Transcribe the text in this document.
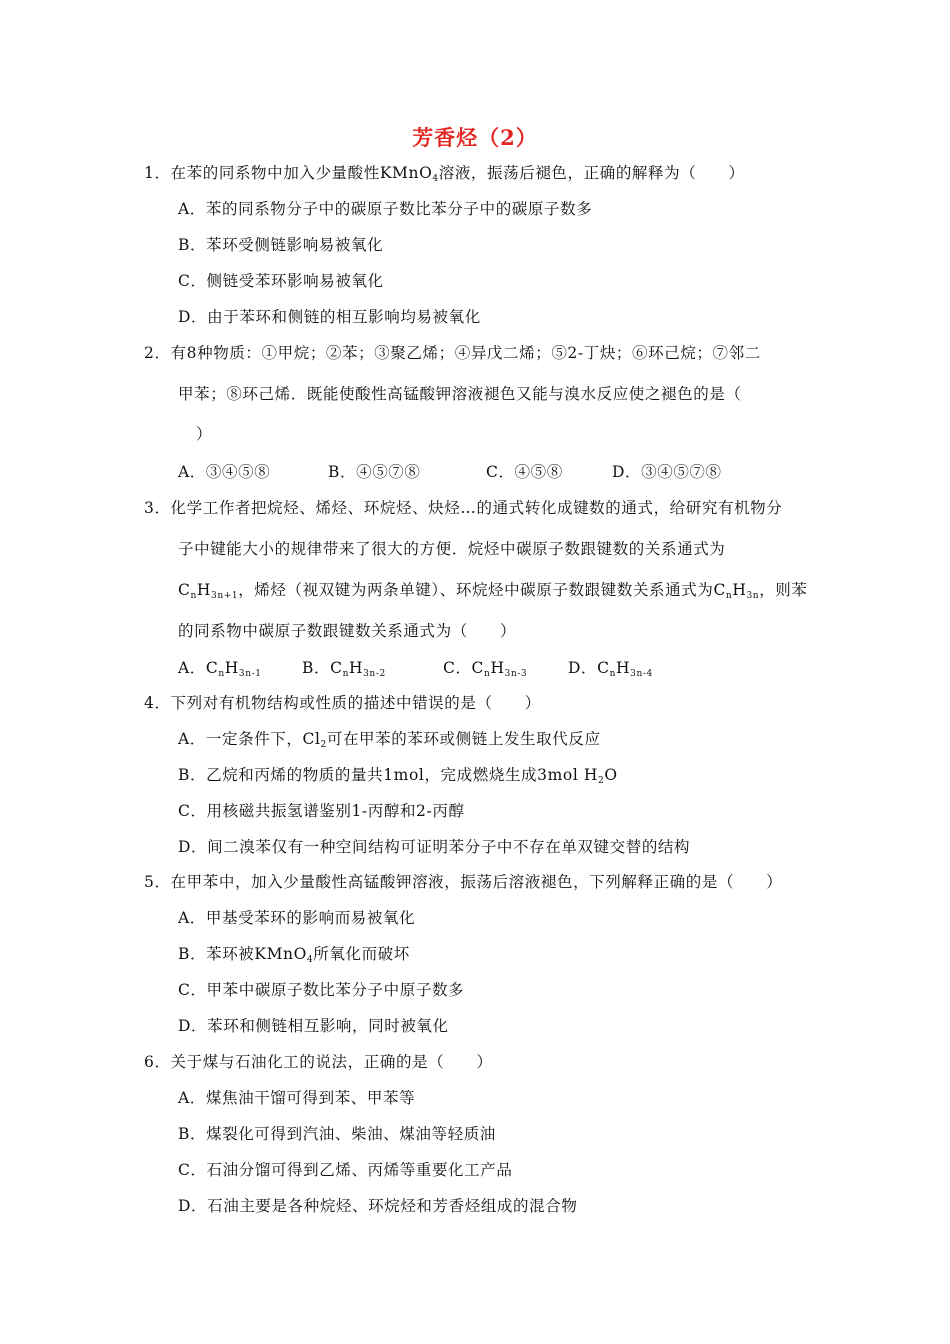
芳香烃（2）
1．在苯的同系物中加入少量酸性KMnO$_4$溶液，振荡后褪色，正确的解释为（　　）
A．苯的同系物分子中的碳原子数比苯分子中的碳原子数多
B．苯环受侧链影响易被氧化
C．侧链受苯环影响易被氧化
D．由于苯环和侧链的相互影响均易被氧化
2．有8种物质：①甲烷；②苯；③聚乙烯；④异戊二烯；⑤2-丁炔；⑥环己烷；⑦邻二
甲苯；⑧环己烯．既能使酸性高锰酸钾溶液褪色又能与溴水反应使之褪色的是（
）
A．③④⑤⑧	B．④⑤⑦⑧	C．④⑤⑧	D．③④⑤⑦⑧
3．化学工作者把烷烃、烯烃、环烷烃、炔烃…的通式转化成键数的通式，给研究有机物分
子中键能大小的规律带来了很大的方便．烷烃中碳原子数跟键数的关系通式为
$C_nH_{3n+1}$，烯烃（视双键为两条单键）、环烷烃中碳原子数跟键数关系通式为$C_nH_{3n}$，则苯
的同系物中碳原子数跟键数关系通式为（　　）
A．$C_nH_{3n-1}$	B．$C_nH_{3n-2}$	C．$C_nH_{3n-3}$	D．$C_nH_{3n-4}$
4．下列对有机物结构或性质的描述中错误的是（　　）
A．一定条件下，$Cl_2$可在甲苯的苯环或侧链上发生取代反应
B．乙烷和丙烯的物质的量共1mol，完成燃烧生成3mol $H_2O$
C．用核磁共振氢谱鉴别1-丙醇和2-丙醇
D．间二溴苯仅有一种空间结构可证明苯分子中不存在单双键交替的结构
5．在甲苯中，加入少量酸性高锰酸钾溶液，振荡后溶液褪色，下列解释正确的是（　　）
A．甲基受苯环的影响而易被氧化
B．苯环被KMnO$_4$所氧化而破坏
C．甲苯中碳原子数比苯分子中原子数多
D．苯环和侧链相互影响，同时被氧化
6．关于煤与石油化工的说法，正确的是（　　）
A．煤焦油干馏可得到苯、甲苯等
B．煤裂化可得到汽油、柴油、煤油等轻质油
C．石油分馏可得到乙烯、丙烯等重要化工产品
D．石油主要是各种烷烃、环烷烃和芳香烃组成的混合物
